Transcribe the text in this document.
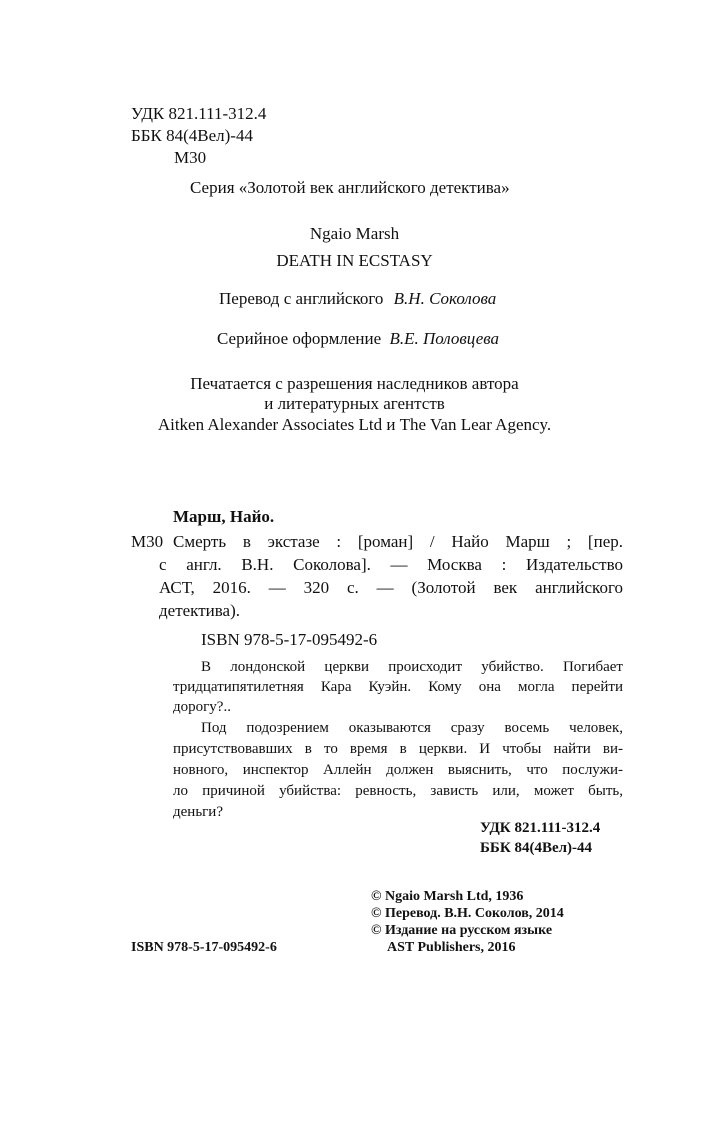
УДК 821.111-312.4
ББК 84(4Вел)-44
М30
Серия «Золотой век английского детектива»
Ngaio Marsh
DEATH IN ECSTASY
Перевод с английского В.Н. Соколова
Серийное оформление В.Е. Половцева
Печатается с разрешения наследников автора
и литературных агентств
Aitken Alexander Associates Ltd и The Van Lear Agency.
Марш, Найо.
М30 Смерть в экстазе : [роман] / Найо Марш ; [пер.
с англ. В.Н. Соколова]. — Москва : Издательство
АСТ, 2016. — 320 с. — (Золотой век английского
детектива).
ISBN 978-5-17-095492-6
В лондонской церкви происходит убийство. Погибает
тридцатипятилетняя Кара Куэйн. Кому она могла перейти
дорогу?..
Под подозрением оказываются сразу восемь человек,
присутствовавших в то время в церкви. И чтобы найти ви-
новного, инспектор Аллейн должен выяснить, что послужи-
ло причиной убийства: ревность, зависть или, может быть,
деньги?
УДК 821.111-312.4
ББК 84(4Вел)-44
© Ngaio Marsh Ltd, 1936
© Перевод. В.Н. Соколов, 2014
© Издание на русском языке
AST Publishers, 2016
ISBN 978-5-17-095492-6
